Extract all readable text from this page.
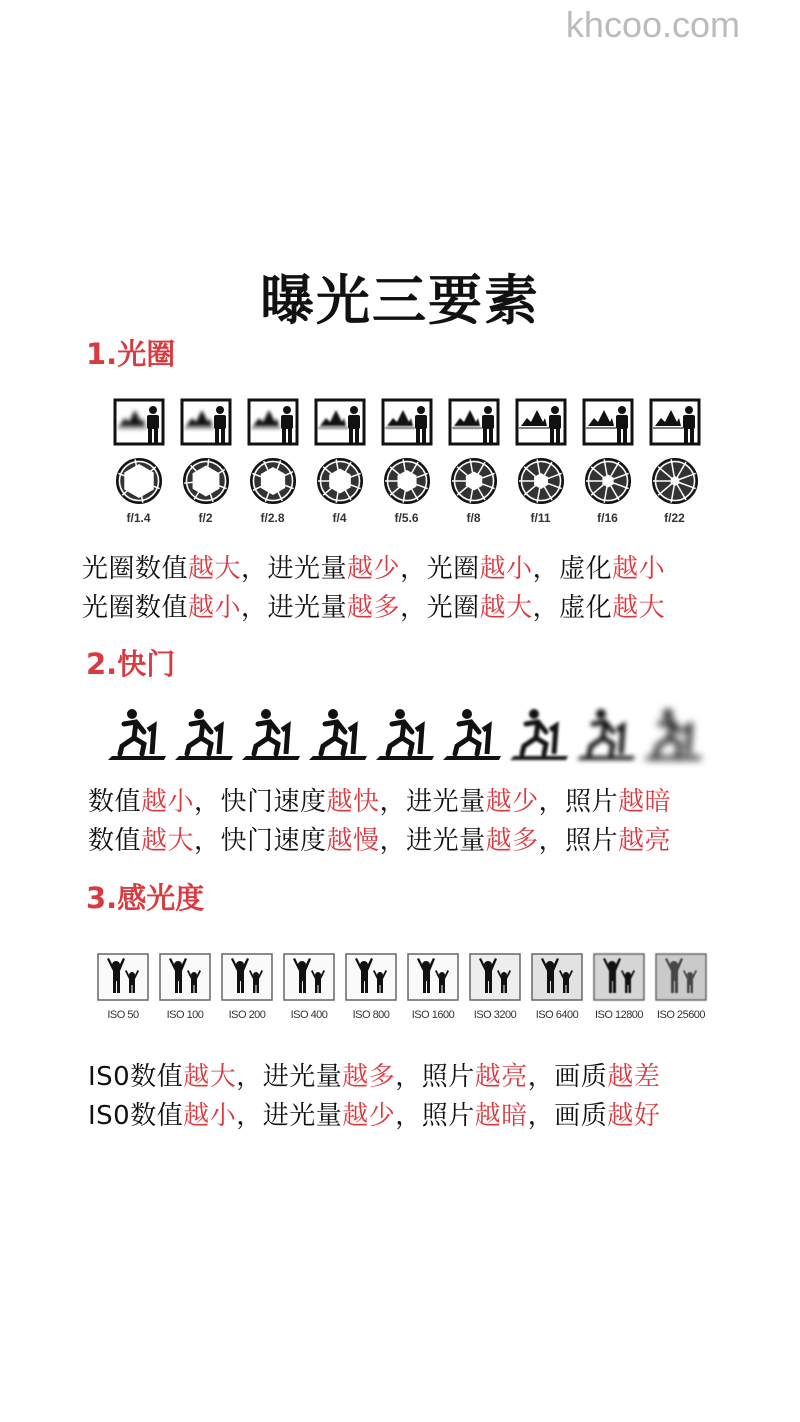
khcoo.com
曝光三要素
1.光圈
f/1.4	f/2	f/2.8	f/4	f/5.6	f/8	f/11	f/16	f/22
光圈数值越大，进光量越少，光圈越小，虚化越小
光圈数值越小，进光量越多，光圈越大，虚化越大
2.快门
数值越小，快门速度越快，进光量越少，照片越暗
数值越大，快门速度越慢，进光量越多，照片越亮
3.感光度
ISO 50	ISO 100 ISO 200 ISO 400 ISO 800 ISO 1600 ISO 3200 ISO 6400 ISO 12800 ISO 25600
IS0数值越大，进光量越多，照片越亮，画质越差
IS0数值越小，进光量越少，照片越暗，画质越好
